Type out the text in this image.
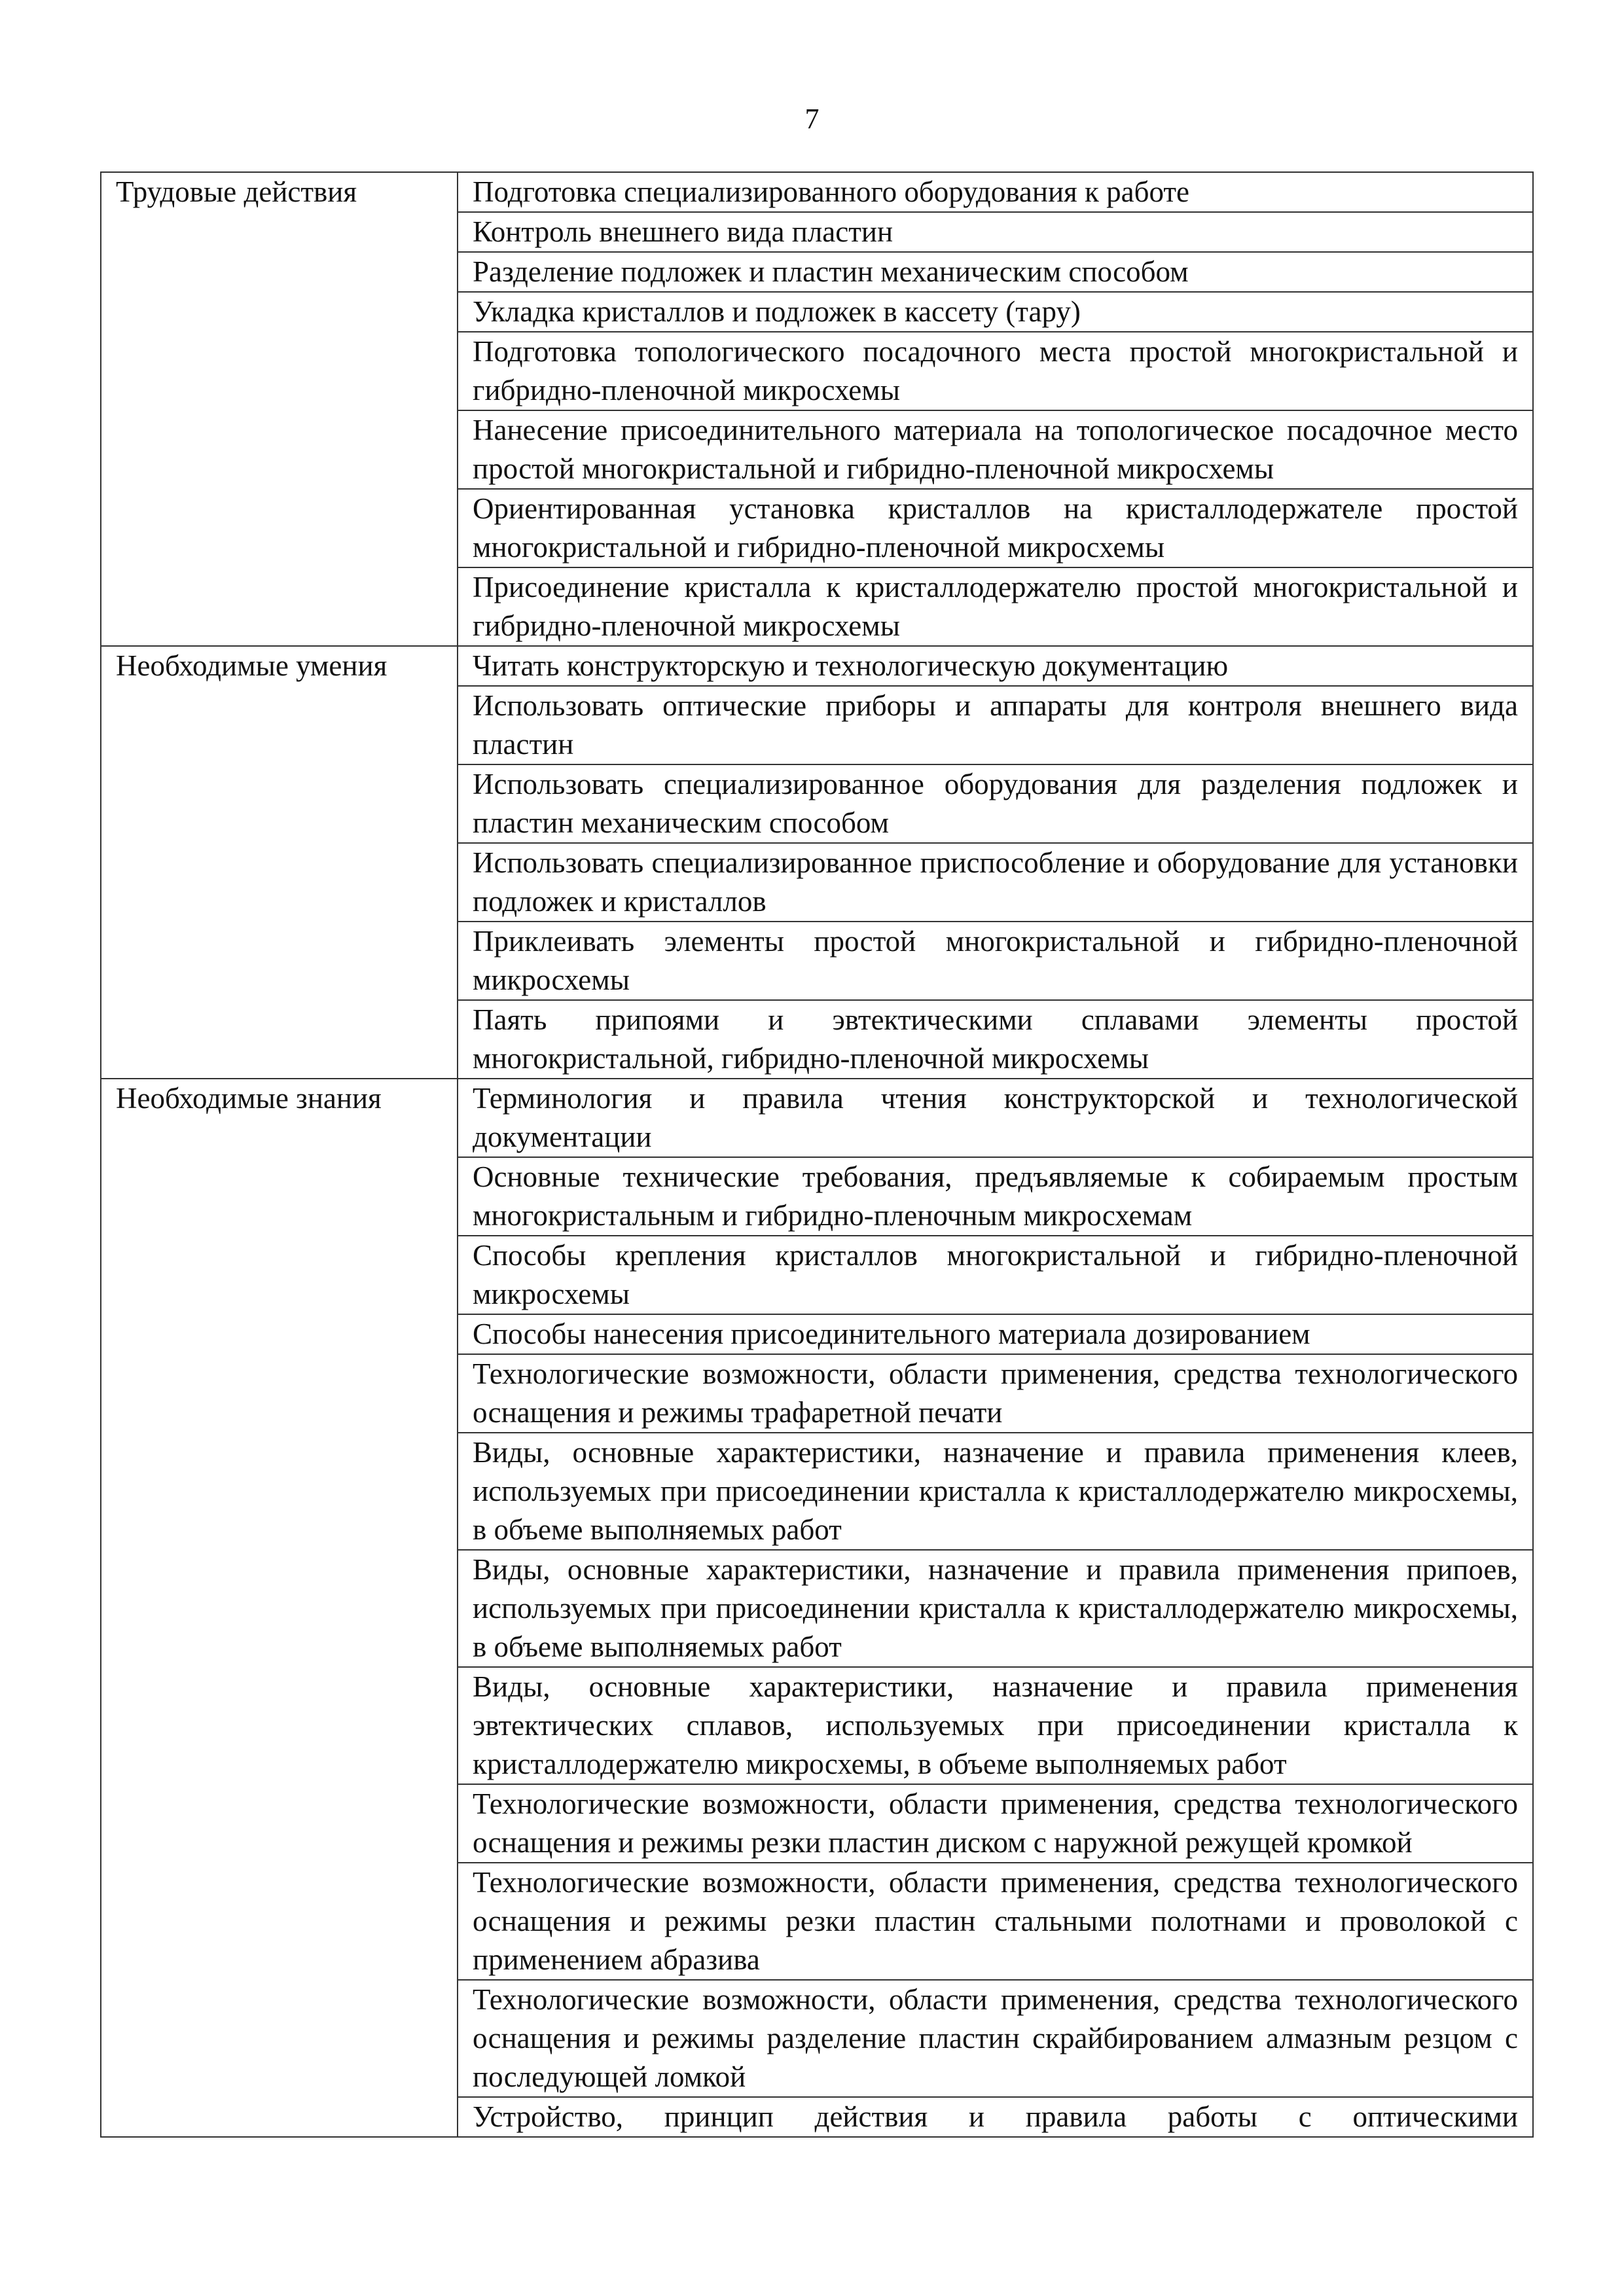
7
Трудовые действия	Подготовка специализированного оборудования к работе
	Контроль внешнего вида пластин
	Разделение подложек и пластин механическим способом
	Укладка кристаллов и подложек в кассету (тару)
	Подготовка топологического посадочного места простой многокристальной и гибридно-пленочной микросхемы
	Нанесение присоединительного материала на топологическое посадочное место простой многокристальной и гибридно-пленочной микросхемы
	Ориентированная установка кристаллов на кристаллодержателе простой многокристальной и гибридно-пленочной микросхемы
	Присоединение кристалла к кристаллодержателю простой многокристальной и гибридно-пленочной микросхемы
Необходимые умения	Читать конструкторскую и технологическую документацию
	Использовать оптические приборы и аппараты для контроля внешнего вида пластин
	Использовать специализированное оборудования для разделения подложек и пластин механическим способом
	Использовать специализированное приспособление и оборудование для установки подложек и кристаллов
	Приклеивать элементы простой многокристальной и гибридно-пленочной микросхемы
	Паять припоями и эвтектическими сплавами элементы простой многокристальной, гибридно-пленочной микросхемы
Необходимые знания	Терминология и правила чтения конструкторской и технологической документации
	Основные технические требования, предъявляемые к собираемым простым многокристальным и гибридно-пленочным микросхемам
	Способы крепления кристаллов многокристальной и гибридно-пленочной микросхемы
	Способы нанесения присоединительного материала дозированием
	Технологические возможности, области применения, средства технологического оснащения и режимы трафаретной печати
	Виды, основные характеристики, назначение и правила применения клеев, используемых при присоединении кристалла к кристаллодержателю микросхемы, в объеме выполняемых работ
	Виды, основные характеристики, назначение и правила применения припоев, используемых при присоединении кристалла к кристаллодержателю микросхемы, в объеме выполняемых работ
	Виды, основные характеристики, назначение и правила применения эвтектических сплавов, используемых при присоединении кристалла к кристаллодержателю микросхемы, в объеме выполняемых работ
	Технологические возможности, области применения, средства технологического оснащения и режимы резки пластин диском с наружной режущей кромкой
	Технологические возможности, области применения, средства технологического оснащения и режимы резки пластин стальными полотнами и проволокой с применением абразива
	Технологические возможности, области применения, средства технологического оснащения и режимы разделение пластин скрайбированием алмазным резцом с последующей ломкой
	Устройство, принцип действия и правила работы с оптическими
